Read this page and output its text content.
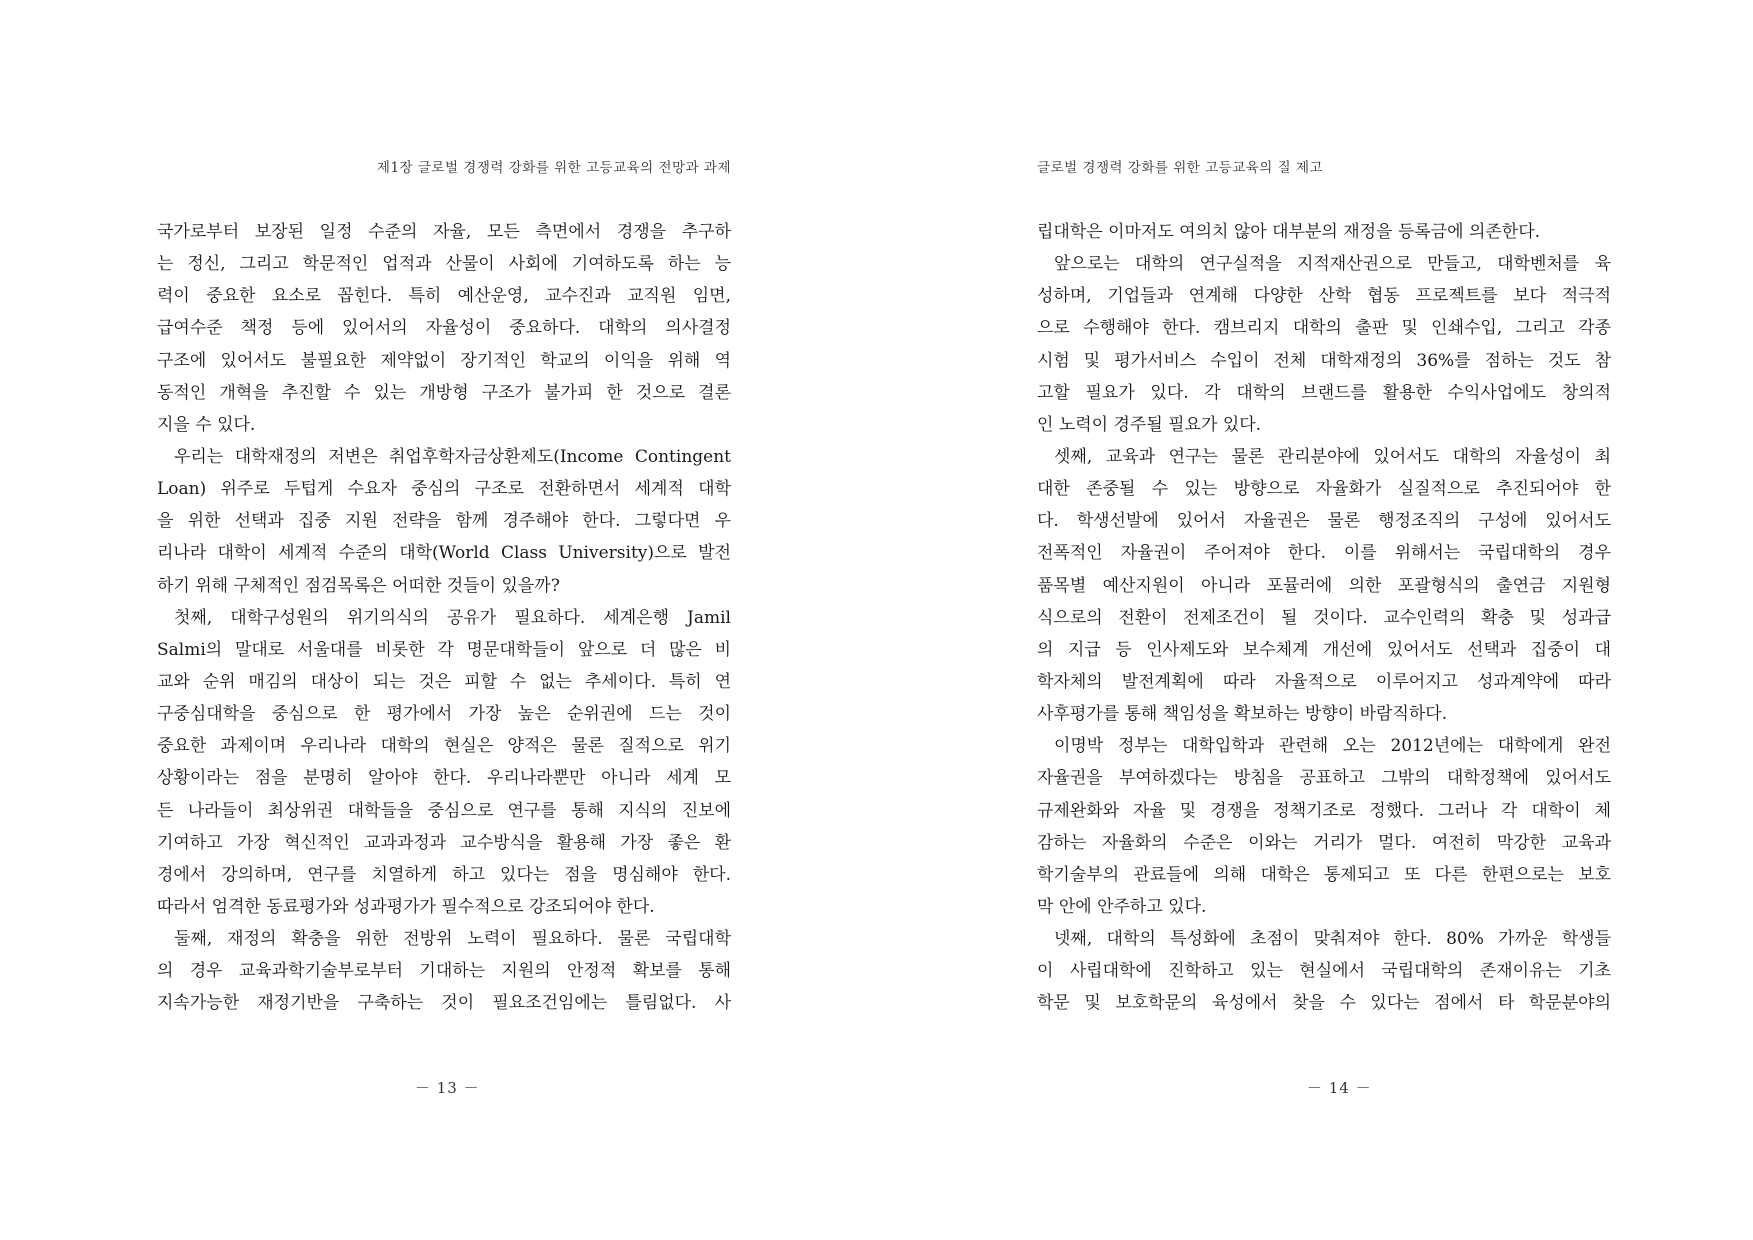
제1장 글로벌 경쟁력 강화를 위한 고등교육의 전망과 과제
국가로부터 보장된 일정 수준의 자율, 모든 측면에서 경쟁을 추구하
는 정신, 그리고 학문적인 업적과 산물이 사회에 기여하도록 하는 능
력이 중요한 요소로 꼽힌다. 특히 예산운영, 교수진과 교직원 임면,
급여수준 책정 등에 있어서의 자율성이 중요하다. 대학의 의사결정
구조에 있어서도 불필요한 제약없이 장기적인 학교의 이익을 위해 역
동적인 개혁을 추진할 수 있는 개방형 구조가 불가피 한 것으로 결론
지을 수 있다.
우리는 대학재정의 저변은 취업후학자금상환제도(Income Contingent
Loan) 위주로 두텁게 수요자 중심의 구조로 전환하면서 세계적 대학
을 위한 선택과 집중 지원 전략을 함께 경주해야 한다. 그렇다면 우
리나라 대학이 세계적 수준의 대학(World Class University)으로 발전
하기 위해 구체적인 점검목록은 어떠한 것들이 있을까?
첫째, 대학구성원의 위기의식의 공유가 필요하다. 세계은행 Jamil
Salmi의 말대로 서울대를 비롯한 각 명문대학들이 앞으로 더 많은 비
교와 순위 매김의 대상이 되는 것은 피할 수 없는 추세이다. 특히 연
구중심대학을 중심으로 한 평가에서 가장 높은 순위권에 드는 것이
중요한 과제이며 우리나라 대학의 현실은 양적은 물론 질적으로 위기
상황이라는 점을 분명히 알아야 한다. 우리나라뿐만 아니라 세계 모
든 나라들이 최상위권 대학들을 중심으로 연구를 통해 지식의 진보에
기여하고 가장 혁신적인 교과과정과 교수방식을 활용해 가장 좋은 환
경에서 강의하며, 연구를 치열하게 하고 있다는 점을 명심해야 한다.
따라서 엄격한 동료평가와 성과평가가 필수적으로 강조되어야 한다.
둘째, 재정의 확충을 위한 전방위 노력이 필요하다. 물론 국립대학
의 경우 교육과학기술부로부터 기대하는 지원의 안정적 확보를 통해
지속가능한 재정기반을 구축하는 것이 필요조건임에는 틀림없다. 사
－ 13 －
글로벌 경쟁력 강화를 위한 고등교육의 질 제고
립대학은 이마저도 여의치 않아 대부분의 재정을 등록금에 의존한다.
앞으로는 대학의 연구실적을 지적재산권으로 만들고, 대학벤처를 육
성하며, 기업들과 연계해 다양한 산학 협동 프로젝트를 보다 적극적
으로 수행해야 한다. 캠브리지 대학의 출판 및 인쇄수입, 그리고 각종
시험 및 평가서비스 수입이 전체 대학재정의 36%를 점하는 것도 참
고할 필요가 있다. 각 대학의 브랜드를 활용한 수익사업에도 창의적
인 노력이 경주될 필요가 있다.
셋째, 교육과 연구는 물론 관리분야에 있어서도 대학의 자율성이 최
대한 존중될 수 있는 방향으로 자율화가 실질적으로 추진되어야 한
다. 학생선발에 있어서 자율권은 물론 행정조직의 구성에 있어서도
전폭적인 자율권이 주어져야 한다. 이를 위해서는 국립대학의 경우
품목별 예산지원이 아니라 포뮬러에 의한 포괄형식의 출연금 지원형
식으로의 전환이 전제조건이 될 것이다. 교수인력의 확충 및 성과급
의 지급 등 인사제도와 보수체계 개선에 있어서도 선택과 집중이 대
학자체의 발전계획에 따라 자율적으로 이루어지고 성과계약에 따라
사후평가를 통해 책임성을 확보하는 방향이 바람직하다.
이명박 정부는 대학입학과 관련해 오는 2012년에는 대학에게 완전
자율권을 부여하겠다는 방침을 공표하고 그밖의 대학정책에 있어서도
규제완화와 자율 및 경쟁을 정책기조로 정했다. 그러나 각 대학이 체
감하는 자율화의 수준은 이와는 거리가 멀다. 여전히 막강한 교육과
학기술부의 관료들에 의해 대학은 통제되고 또 다른 한편으로는 보호
막 안에 안주하고 있다.
넷째, 대학의 특성화에 초점이 맞춰져야 한다. 80% 가까운 학생들
이 사립대학에 진학하고 있는 현실에서 국립대학의 존재이유는 기초
학문 및 보호학문의 육성에서 찾을 수 있다는 점에서 타 학문분야의
－ 14 －
